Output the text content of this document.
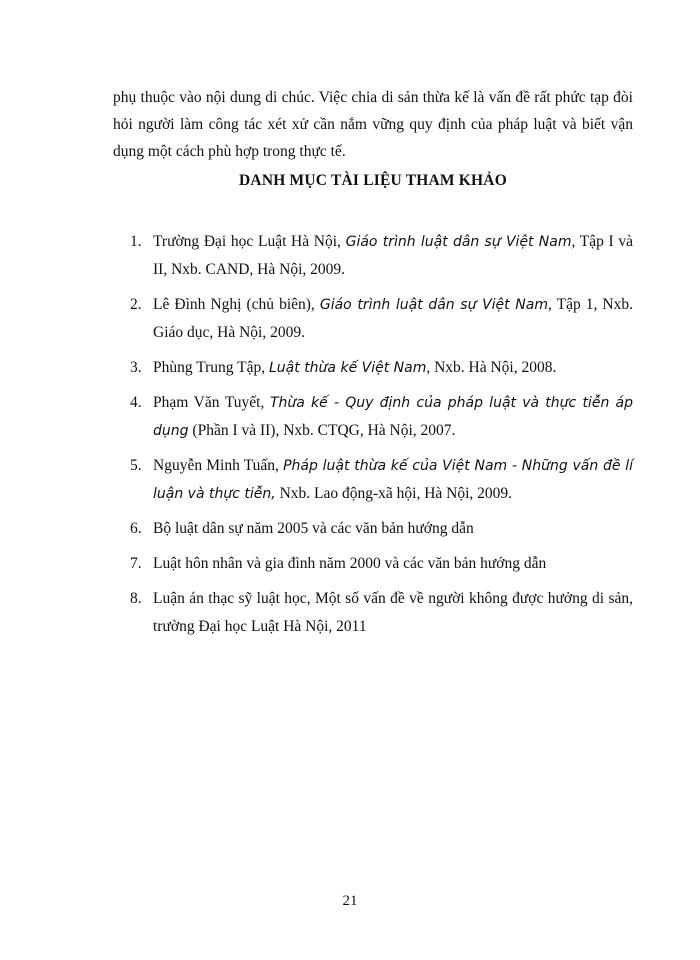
phụ thuộc vào nội dung di chúc. Việc chia di sản thừa kế là vấn đề rất phức tạp đòi hỏi người làm công tác xét xử cần nắm vững quy định của pháp luật và biết vận dụng một cách phù hợp trong thực tế.

DANH MỤC TÀI LIỆU THAM KHẢO
1. Trường Đại học Luật Hà Nội, Giáo trình luật dân sự Việt Nam, Tập I và II, Nxb. CAND, Hà Nội, 2009.
2. Lê Đình Nghị (chủ biên), Giáo trình luật dân sự Việt Nam, Tập 1, Nxb. Giáo dục, Hà Nội, 2009.
3. Phùng Trung Tập, Luật thừa kế Việt Nam, Nxb. Hà Nội, 2008.
4. Phạm Văn Tuyết, Thừa kế - Quy định của pháp luật và thực tiễn áp dụng (Phần I và II), Nxb. CTQG, Hà Nội, 2007.
5. Nguyễn Minh Tuấn, Pháp luật thừa kế của Việt Nam - Những vấn đề lí luận và thực tiễn, Nxb. Lao động-xã hội, Hà Nội, 2009.
6. Bộ luật dân sự năm 2005 và các văn bản hướng dẫn
7. Luật hôn nhân và gia đình năm 2000 và các văn bản hướng dẫn
8. Luận án thạc sỹ luật học, Một số vấn đề về người không được hưởng di sản, trường Đại học Luật Hà Nội, 2011
21
